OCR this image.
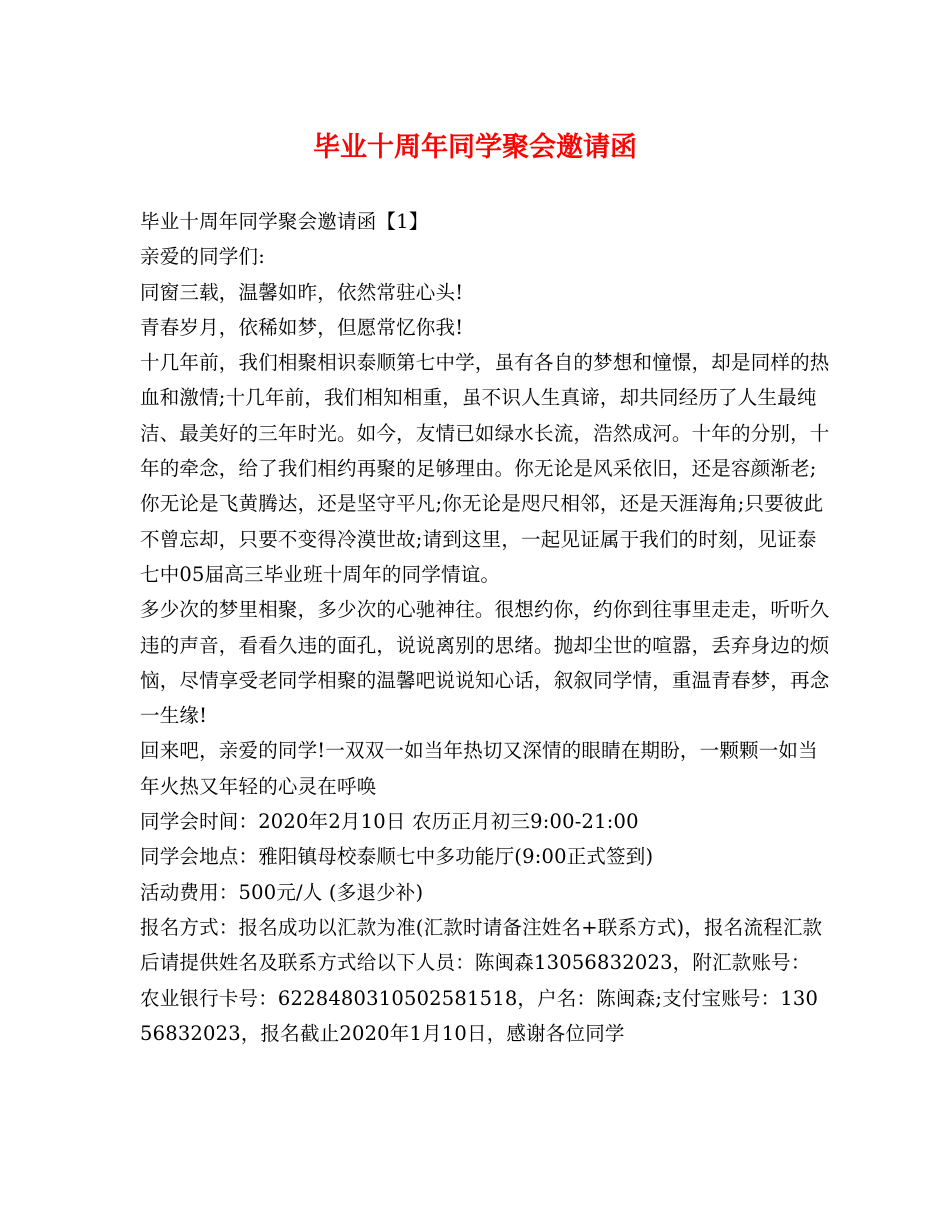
毕业十周年同学聚会邀请函

毕业十周年同学聚会邀请函【1】

亲爱的同学们:

同窗三载，温馨如昨，依然常驻心头!

青春岁月，依稀如梦，但愿常忆你我!

十几年前，我们相聚相识泰顺第七中学，虽有各自的梦想和憧憬，却是同样的热血和激情;十几年前，我们相知相重，虽不识人生真谛，却共同经历了人生最纯洁、最美好的三年时光。如今，友情已如绿水长流，浩然成河。十年的分别，十年的牵念，给了我们相约再聚的足够理由。你无论是风采依旧，还是容颜渐老;你无论是飞黄腾达，还是坚守平凡;你无论是咫尺相邻，还是天涯海角;只要彼此不曾忘却，只要不变得冷漠世故;请到这里，一起见证属于我们的时刻，见证泰七中05届高三毕业班十周年的同学情谊。

多少次的梦里相聚，多少次的心驰神往。很想约你，约你到往事里走走，听听久违的声音，看看久违的面孔，说说离别的思绪。抛却尘世的喧嚣，丢弃身边的烦恼，尽情享受老同学相聚的温馨吧说说知心话，叙叙同学情，重温青春梦，再念一生缘!

回来吧，亲爱的同学!一双双一如当年热切又深情的眼睛在期盼，一颗颗一如当年火热又年轻的心灵在呼唤

同学会时间：2020年2月10日 农历正月初三9:00-21:00

同学会地点：雅阳镇母校泰顺七中多功能厅(9:00正式签到)

活动费用：500元/人 (多退少补)

报名方式：报名成功以汇款为准(汇款时请备注姓名+联系方式)，报名流程汇款后请提供姓名及联系方式给以下人员：陈闽森13056832023，附汇款账号：农业银行卡号：6228480310502581518，户名：陈闽森;支付宝账号：13056832023，报名截止2020年1月10日，感谢各位同学
